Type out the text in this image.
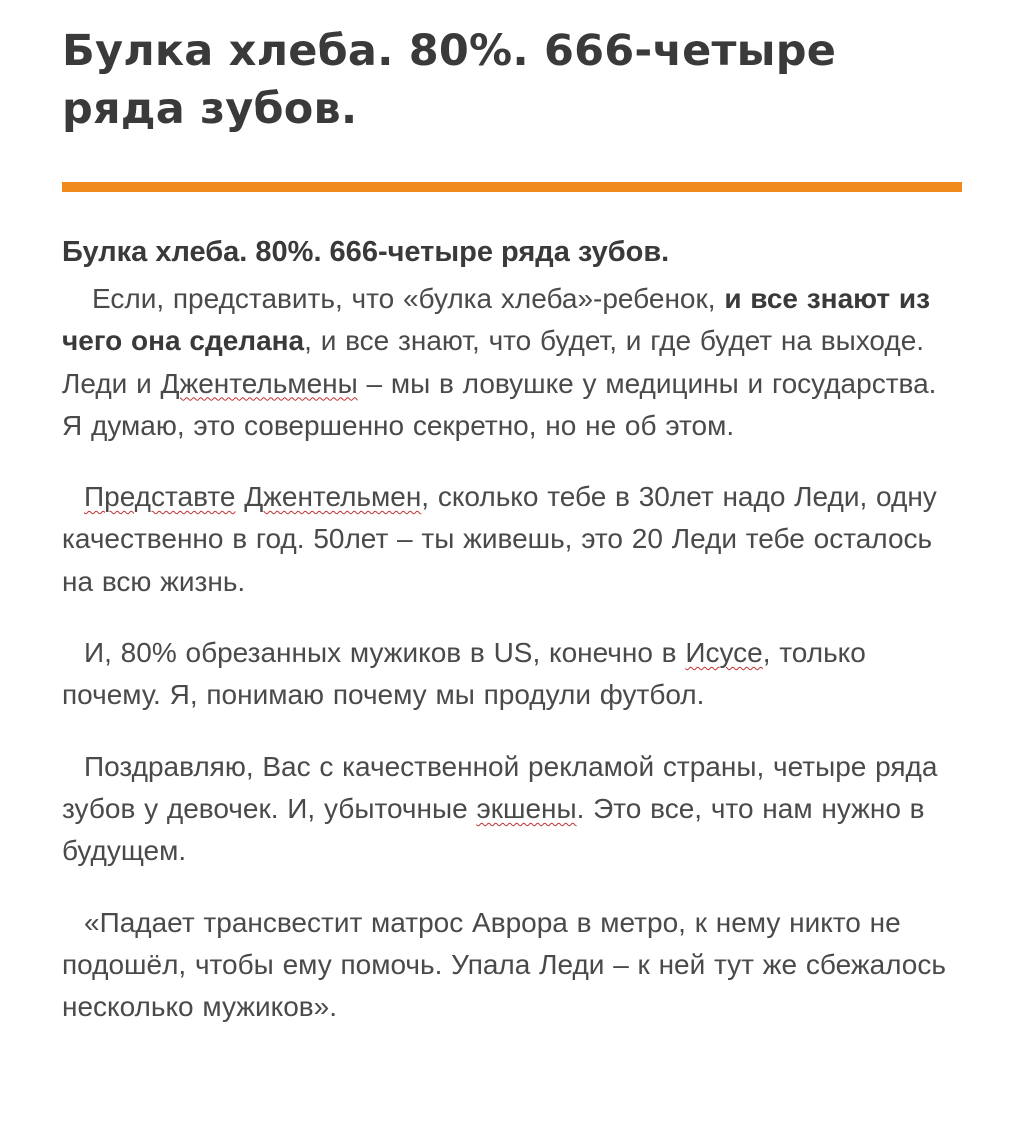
Булка хлеба. 80%. 666-четыре ряда зубов.
Булка хлеба. 80%. 666-четыре ряда зубов.

Если, представить, что «булка хлеба»-ребенок, и все знают из чего она сделана, и все знают, что будет, и где будет на выходе. Леди и Джентельмены – мы в ловушке у медицины и государства. Я думаю, это совершенно секретно, но не об этом.

Представте Джентельмен, сколько тебе в 30лет надо Леди, одну качественно в год. 50лет – ты живешь, это 20 Леди тебе осталось на всю жизнь.

И, 80% обрезанных мужиков в US, конечно в Исусе, только почему. Я, понимаю почему мы продули футбол.

Поздравляю, Вас с качественной рекламой страны, четыре ряда зубов у девочек. И, убыточные экшены. Это все, что нам нужно в будущем.

«Падает трансвестит матрос Аврора в метро, к нему никто не подошёл, чтобы ему помочь. Упала Леди – к ней тут же сбежалось несколько мужиков».
